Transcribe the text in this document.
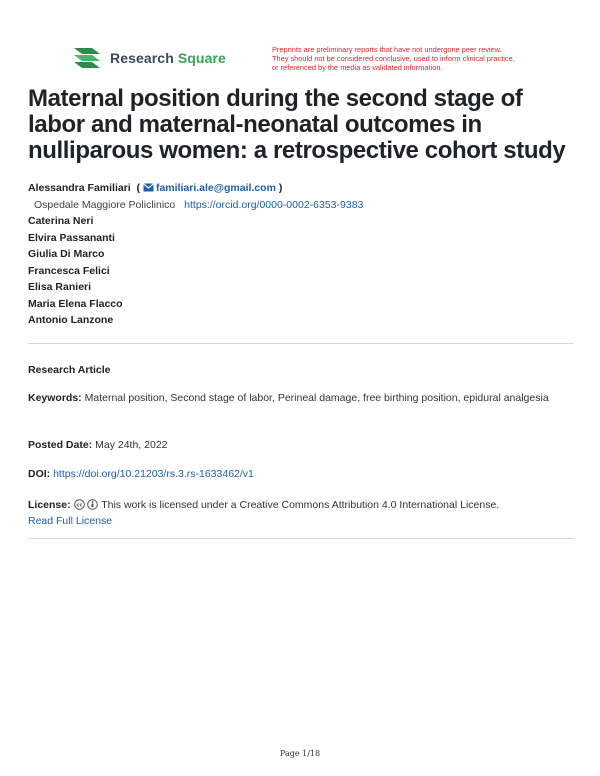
Research Square
Preprints are preliminary reports that have not undergone peer review.
They should not be considered conclusive, used to inform clinical practice,
or referenced by the media as validated information.
Maternal position during the second stage of labor and maternal-neonatal outcomes in nulliparous women: a retrospective cohort study
Alessandra Familiari  ( familiari.ale@gmail.com )
Ospedale Maggiore Policlinico https://orcid.org/0000-0002-6353-9383
Caterina Neri
Elvira Passananti
Giulia Di Marco
Francesca Felici
Elisa Ranieri
Maria Elena Flacco
Antonio Lanzone
Research Article
Keywords: Maternal position, Second stage of labor, Perineal damage, free birthing position, epidural analgesia
Posted Date: May 24th, 2022
DOI: https://doi.org/10.21203/rs.3.rs-1633462/v1
License: cc This work is licensed under a Creative Commons Attribution 4.0 International License.
Read Full License
Page 1/18
